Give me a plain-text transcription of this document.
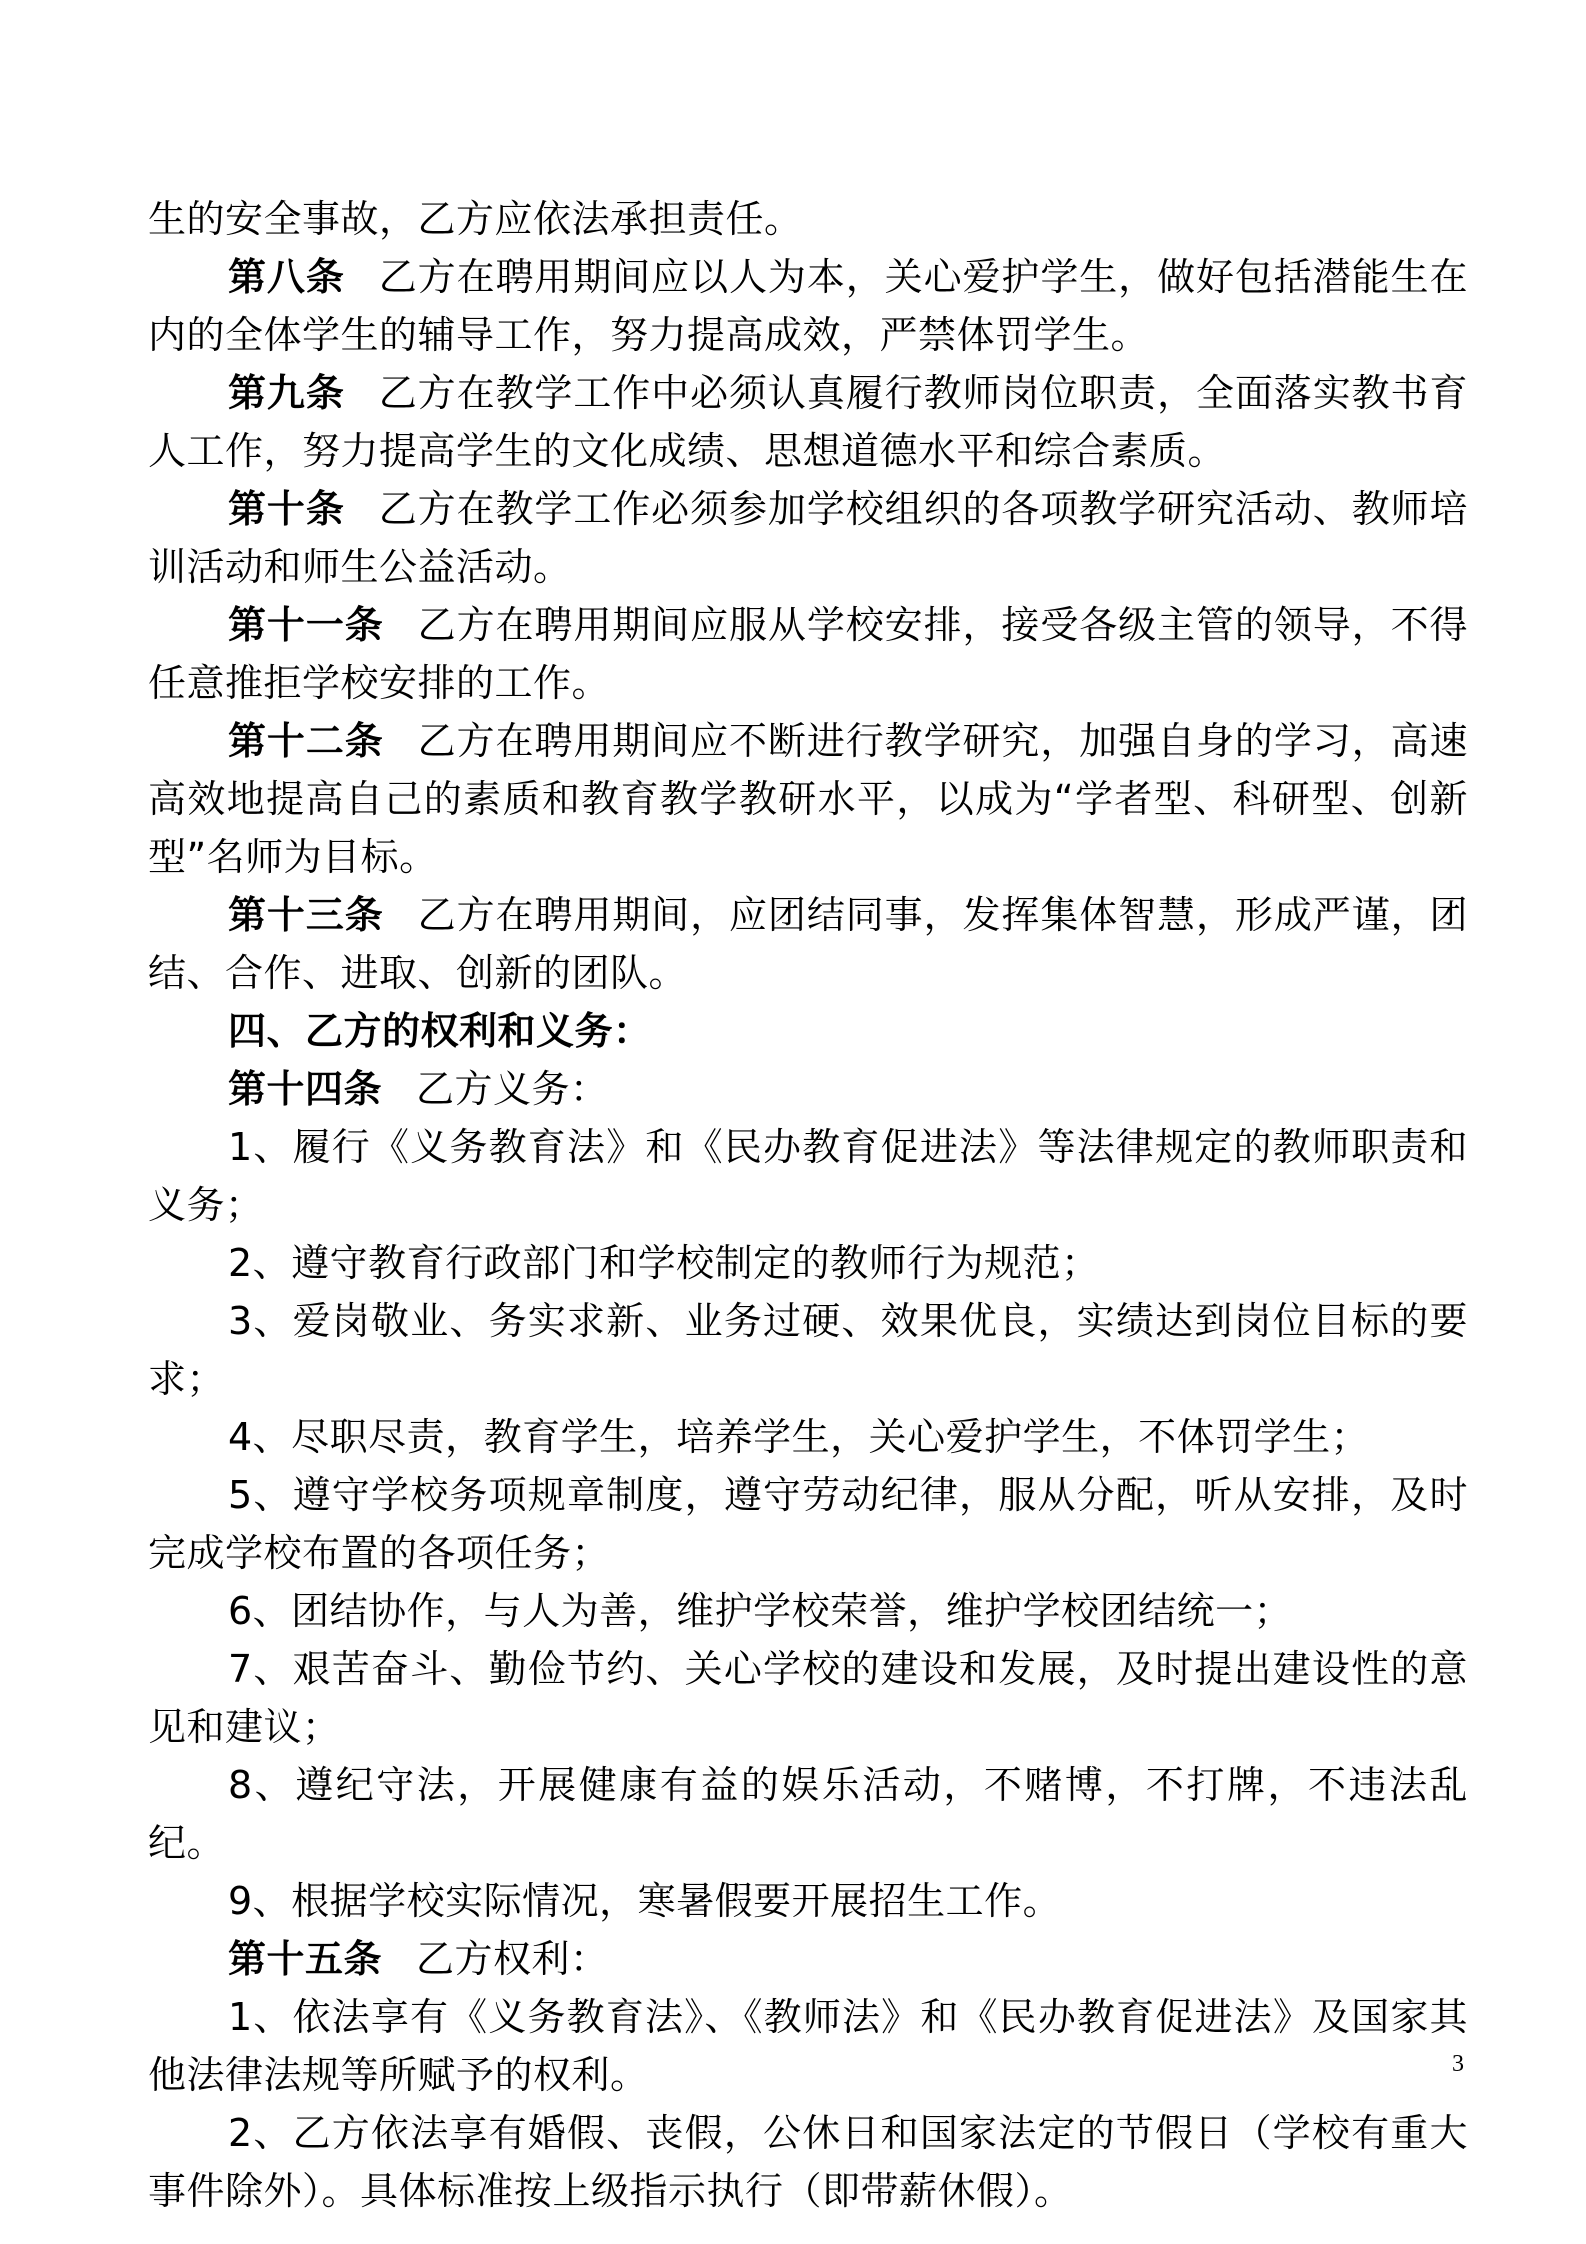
生的安全事故，乙方应依法承担责任。

第八条 乙方在聘用期间应以人为本，关心爱护学生，做好包括潜能生在内的全体学生的辅导工作，努力提高成效，严禁体罚学生。

第九条 乙方在教学工作中必须认真履行教师岗位职责，全面落实教书育人工作，努力提高学生的文化成绩、思想道德水平和综合素质。

第十条 乙方在教学工作必须参加学校组织的各项教学研究活动、教师培训活动和师生公益活动。

第十一条 乙方在聘用期间应服从学校安排，接受各级主管的领导，不得任意推拒学校安排的工作。

第十二条 乙方在聘用期间应不断进行教学研究，加强自身的学习，高速高效地提高自己的素质和教育教学教研水平，以成为“学者型、科研型、创新型”名师为目标。

第十三条 乙方在聘用期间，应团结同事，发挥集体智慧，形成严谨，团结、合作、进取、创新的团队。

四、乙方的权利和义务：

第十四条 乙方义务：

1、履行《义务教育法》和《民办教育促进法》等法律规定的教师职责和义务；

2、遵守教育行政部门和学校制定的教师行为规范；

3、爱岗敬业、务实求新、业务过硬、效果优良，实绩达到岗位目标的要求；

4、尽职尽责，教育学生，培养学生，关心爱护学生，不体罚学生；

5、遵守学校务项规章制度，遵守劳动纪律，服从分配，听从安排，及时完成学校布置的各项任务；

6、团结协作，与人为善，维护学校荣誉，维护学校团结统一；

7、艰苦奋斗、勤俭节约、关心学校的建设和发展，及时提出建设性的意见和建议；

8、遵纪守法，开展健康有益的娱乐活动，不赌博，不打牌，不违法乱纪。

9、根据学校实际情况，寒暑假要开展招生工作。

第十五条 乙方权利：

1、依法享有《义务教育法》、《教师法》和《民办教育促进法》及国家其他法律法规等所赋予的权利。

2、乙方依法享有婚假、丧假，公休日和国家法定的节假日（学校有重大事件除外）。具体标准按上级指示执行（即带薪休假）。

3
